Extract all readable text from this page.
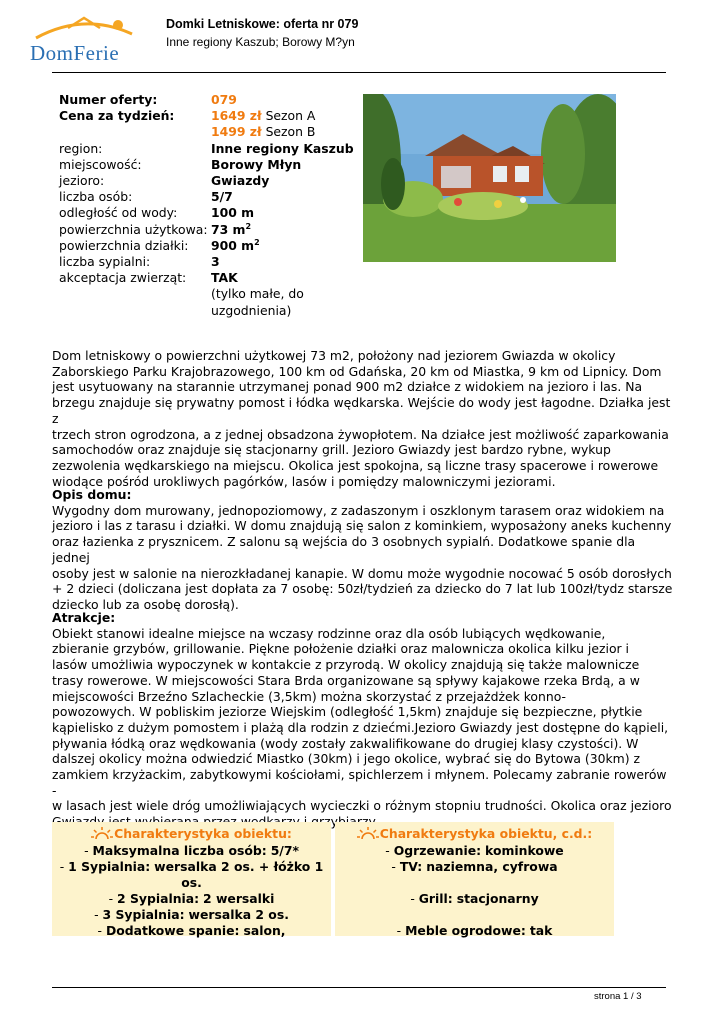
DomFerie
Domki Letniskowe: oferta nr 079
Inne regiony Kaszub; Borowy M?yn
Numer oferty:	079
Cena za tydzień:	1649 zł Sezon A
1499 zł Sezon B
region:	Inne regiony Kaszub
miejscowość:	Borowy Młyn
jezioro:	Gwiazdy
liczba osób:	5/7
odległość od wody:	100 m
powierzchnia użytkowa: 73 $m^2$
powierzchnia działki:	900 $m^2$
liczba sypialni:	3
akceptacja zwierząt:	TAK
(tylko małe, do
uzgodnienia)
Dom letniskowy o powierzchni użytkowej 73 m2, położony nad jeziorem Gwiazda w okolicy
Zaborskiego Parku Krajobrazowego, 100 km od Gdańska, 20 km od Miastka, 9 km od Lipnicy. Dom
jest usytuowany na starannie utrzymanej ponad 900 m2 działce z widokiem na jezioro i las. Na
brzegu znajduje się prywatny pomost i łódka wędkarska. Wejście do wody jest łagodne. Działka jest z
trzech stron ogrodzona, a z jednej obsadzona żywopłotem. Na działce jest możliwość zaparkowania
samochodów oraz znajduje się stacjonarny grill. Jezioro Gwiazdy jest bardzo rybne, wykup
zezwolenia wędkarskiego na miejscu. Okolica jest spokojna, są liczne trasy spacerowe i rowerowe
wiodące pośród urokliwych pagórków, lasów i pomiędzy malowniczymi jeziorami.
Opis domu:
Wygodny dom murowany, jednopoziomowy, z zadaszonym i oszklonym tarasem oraz widokiem na
jezioro i las z tarasu i działki. W domu znajdują się salon z kominkiem, wyposażony aneks kuchenny
oraz łazienka z prysznicem. Z salonu są wejścia do 3 osobnych sypialń. Dodatkowe spanie dla jednej
osoby jest w salonie na nierozkładanej kanapie. W domu może wygodnie nocować 5 osób dorosłych
+ 2 dzieci (doliczana jest dopłata za 7 osobę: 50zł/tydzień za dziecko do 7 lat lub 100zł/tydz starsze
dziecko lub za osobę dorosłą).
Atrakcje:
Obiekt stanowi idealne miejsce na wczasy rodzinne oraz dla osób lubiących wędkowanie,
zbieranie grzybów, grillowanie. Piękne położenie działki oraz malownicza okolica kilku jezior i
lasów umożliwia wypoczynek w kontakcie z przyrodą. W okolicy znajdują się także malownicze
trasy rowerowe. W miejscowości Stara Brda organizowane są spływy kajakowe rzeka Brdą, a w
miejscowości Brzeźno Szlacheckie (3,5km) można skorzystać z przejażdżek konno-
powozowych. W pobliskim jeziorze Wiejskim (odległość 1,5km) znajduje się bezpieczne, płytkie
kąpielisko z dużym pomostem i plażą dla rodzin z dziećmi.Jezioro Gwiazdy jest dostępne do kąpieli,
pływania łódką oraz wędkowania (wody zostały zakwalifikowane do drugiej klasy czystości). W
dalszej okolicy można odwiedzić Miastko (30km) i jego okolice, wybrać się do Bytowa (30km) z
zamkiem krzyżackim, zabytkowymi kościołami, spichlerzem i młynem. Polecamy zabranie rowerów -
w lasach jest wiele dróg umożliwiających wycieczki o różnym stopniu trudności. Okolica oraz jezioro
Charakterystyka obiektu:
- Maksymalna liczba osób: 5/7*
- 1 Sypialnia: wersalka 2 os. + łóżko 1
os.
- 2 Sypialnia: 2 wersalki
- 3 Sypialnia: wersalka 2 os.
- Dodatkowe spanie: salon,
Charakterystyka obiektu, c.d.:
- Ogrzewanie: kominkowe
- TV: naziemna, cyfrowa

- Grill: stacjonarny

- Meble ogrodowe: tak
strona 1 / 3
